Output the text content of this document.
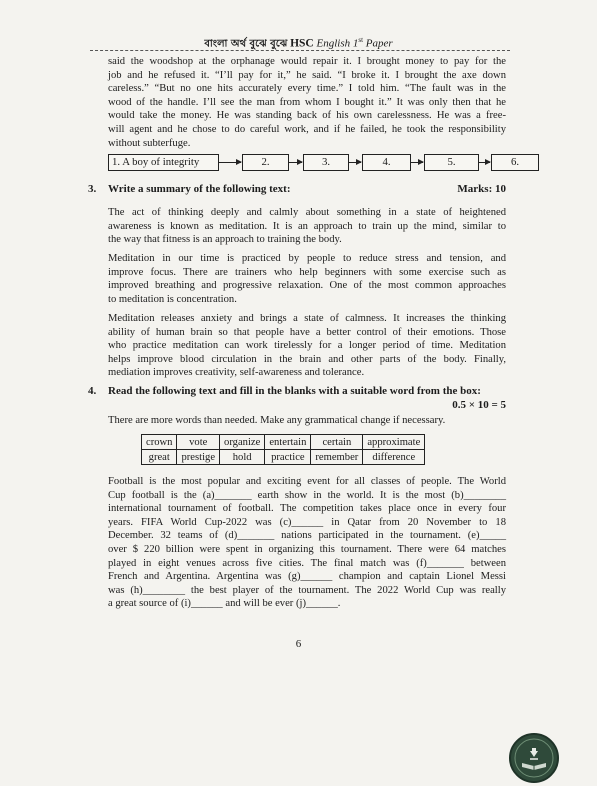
বাংলা অর্থ বুঝে বুঝে HSC English 1st Paper

said the woodshop at the orphanage would repair it. I brought money to pay for the

job and he refused it. “I’ll pay for it,” he said. “I broke it. I brought the axe down

careless.” “But no one hits accurately every time.” I told him. “The fault was in the

wood of the handle. I’ll see the man from whom I bought it.” It was only then that he

would take the money. He was standing back of his own carelessness. He was a free-

will agent and he chose to do careful work, and if he failed, he took the responsibility

without subterfuge.

1. A boy of integrity	2.	3.	4.	5.	6.
3. Write a summary of the following text:	Marks: 10

The act of thinking deeply and calmly about something in a state of heightened

awareness is known as meditation. It is an approach to train up the mind, similar to

the way that fitness is an approach to training the body.

Meditation in our time is practiced by people to reduce stress and tension, and

improve focus. There are trainers who help beginners with some exercise such as

improved breathing and progressive relaxation. One of the most common approaches

to meditation is concentration.

Meditation releases anxiety and brings a state of calmness. It increases the thinking

ability of human brain so that people have a better control of their emotions. Those

who practice meditation can work tirelessly for a longer period of time. Meditation

helps improve blood circulation in the brain and other parts of the body. Finally,

mediation improves creativity, self-awareness and tolerance.

4. Read the following text and fill in the blanks with a suitable word from the box:
0.5 × 10 = 5

There are more words than needed. Make any grammatical change if necessary.

crown	vote	organize	entertain	certain	approximate
great	prestige	hold	practice	remember	difference

Football is the most popular and exciting event for all classes of people. The World

Cup football is the (a)_______ earth show in the world. It is the most (b)________

international tournament of football. The competition takes place once in every four

years. FIFA World Cup-2022 was (c)______ in Qatar from 20 November to 18

December. 32 teams of (d)_______ nations participated in the tournament. (e)_____

over $ 220 billion were spent in organizing this tournament. There were 64 matches

played in eight venues across five cities. The final match was (f)_______ between

French and Argentina. Argentina was (g)______ champion and captain Lionel Messi

was (h)________ the best player of the tournament. The 2022 World Cup was really

a great source of (i)______ and will be ever (j)______.

6
